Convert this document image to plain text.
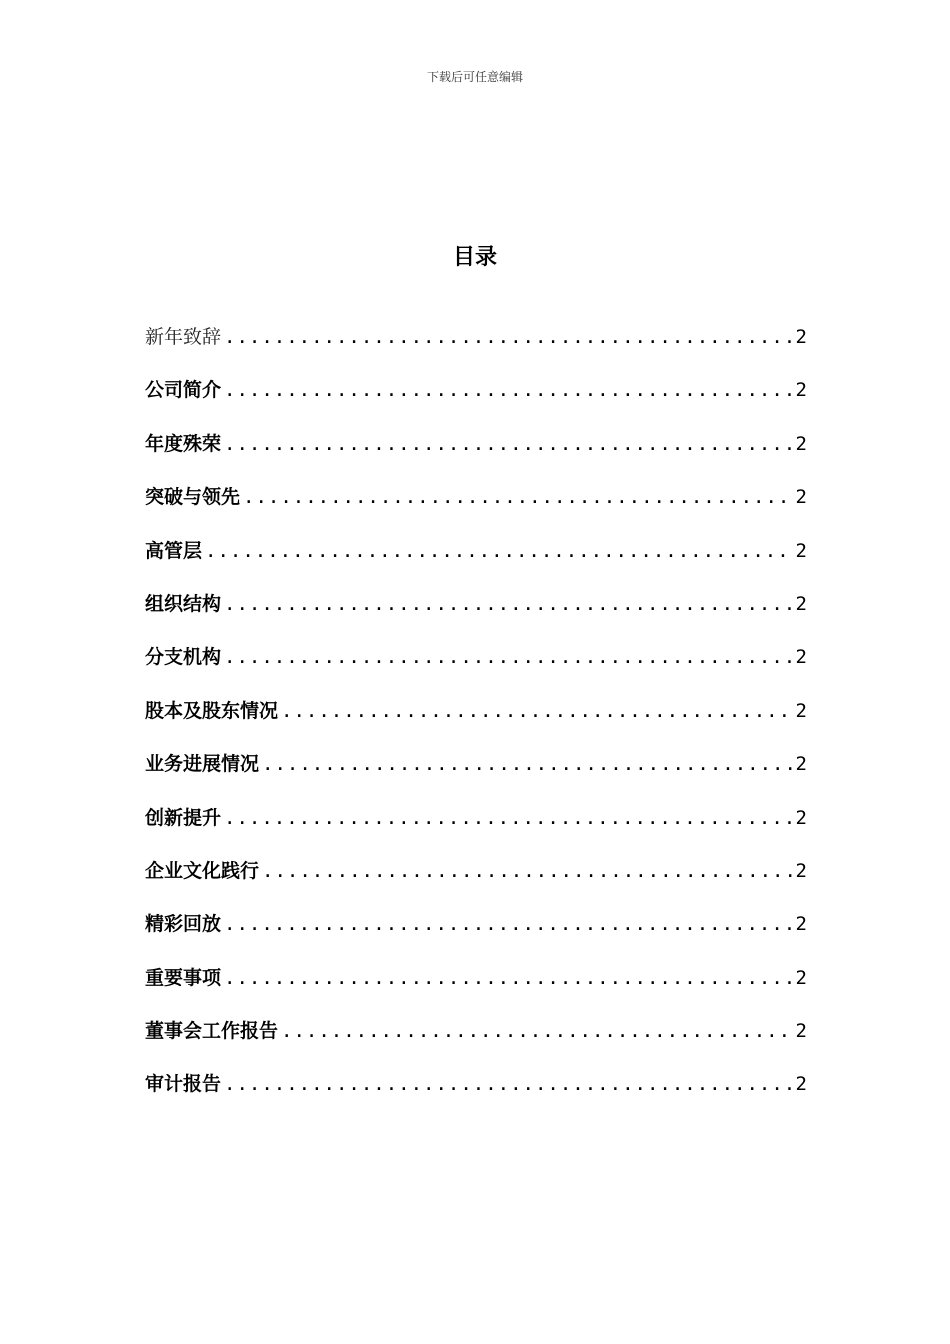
下载后可任意编辑
目录
新年致辞 .....	2
公司简介 .....	2
年度殊荣 .....	2
突破与领先 .....	2
高管层 .....	2
组织结构 .....	2
分支机构 .....	2
股本及股东情况 .....	2
业务进展情况 .....	2
创新提升 .....	2
企业文化践行 .....	2
精彩回放 .....	2
重要事项 .....	2
董事会工作报告 .....	2
审计报告 .....	2
